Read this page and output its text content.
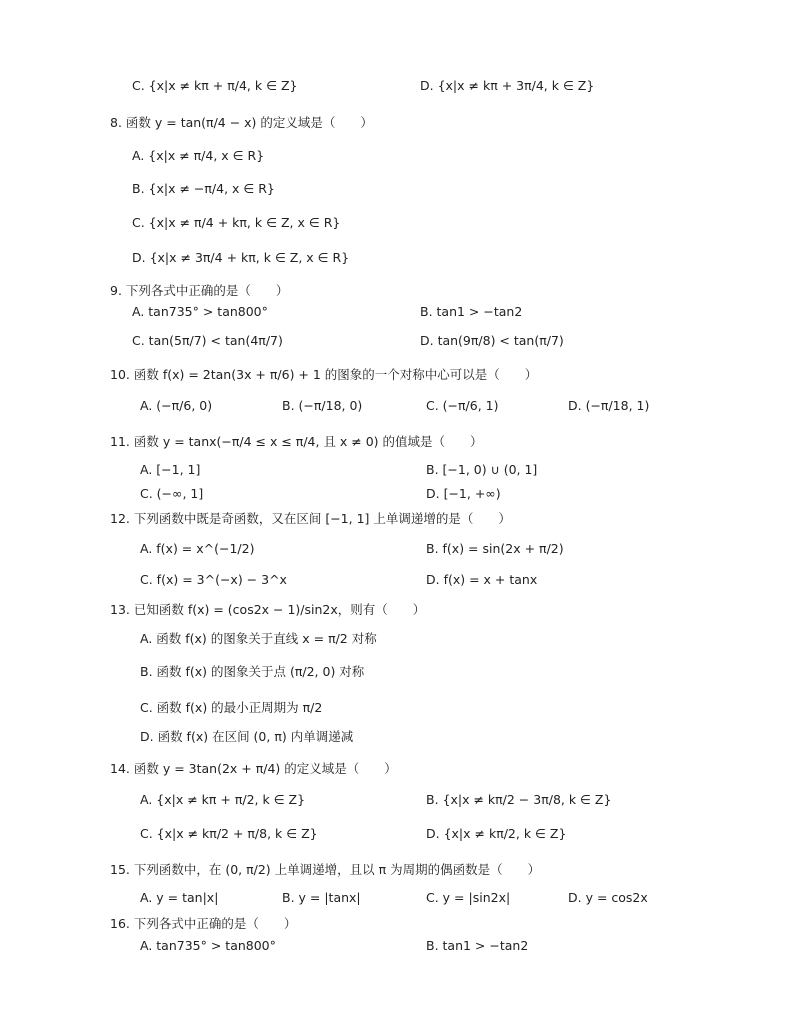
C. {x|x ≠ kπ + π/4, k ∈ Z}	D. {x|x ≠ kπ + 3π/4, k ∈ Z}
8. 函数 y = tan(π/4 − x) 的定义域是（　　）
A. {x|x ≠ π/4, x ∈ R}
B. {x|x ≠ −π/4, x ∈ R}
C. {x|x ≠ π/4 + kπ, k ∈ Z, x ∈ R}
D. {x|x ≠ 3π/4 + kπ, k ∈ Z, x ∈ R}
9. 下列各式中正确的是（　　）
A. tan735° > tan800°	B. tan1 > −tan2
C. tan(5π/7) < tan(4π/7)	D. tan(9π/8) < tan(π/7)
10. 函数 f(x) = 2tan(3x + π/6) + 1 的图象的一个对称中心可以是（　　）
A. (−π/6, 0)	B. (−π/18, 0)	C. (−π/6, 1)	D. (−π/18, 1)
11. 函数 y = tanx(−π/4 ≤ x ≤ π/4, 且 x ≠ 0) 的值域是（　　）
A. [−1, 1]	B. [−1, 0) ∪ (0, 1]
C. (−∞, 1]	D. [−1, +∞)
12. 下列函数中既是奇函数，又在区间 [−1, 1] 上单调递增的是（　　）
A. f(x) = x^(−1/2)	B. f(x) = sin(2x + π/2)
C. f(x) = 3^(−x) − 3^x	D. f(x) = x + tanx
13. 已知函数 f(x) = (cos2x − 1)/sin2x，则有（　　）
A. 函数 f(x) 的图象关于直线 x = π/2 对称
B. 函数 f(x) 的图象关于点 (π/2, 0) 对称
C. 函数 f(x) 的最小正周期为 π/2
D. 函数 f(x) 在区间 (0, π) 内单调递减
14. 函数 y = 3tan(2x + π/4) 的定义域是（　　）
A. {x|x ≠ kπ + π/2, k ∈ Z}	B. {x|x ≠ kπ/2 − 3π/8, k ∈ Z}
C. {x|x ≠ kπ/2 + π/8, k ∈ Z}	D. {x|x ≠ kπ/2, k ∈ Z}
15. 下列函数中，在 (0, π/2) 上单调递增，且以 π 为周期的偶函数是（　　）
A. y = tan|x|	B. y = |tanx|	C. y = |sin2x|	D. y = cos2x
16. 下列各式中正确的是（　　）
A. tan735° > tan800°	B. tan1 > −tan2
